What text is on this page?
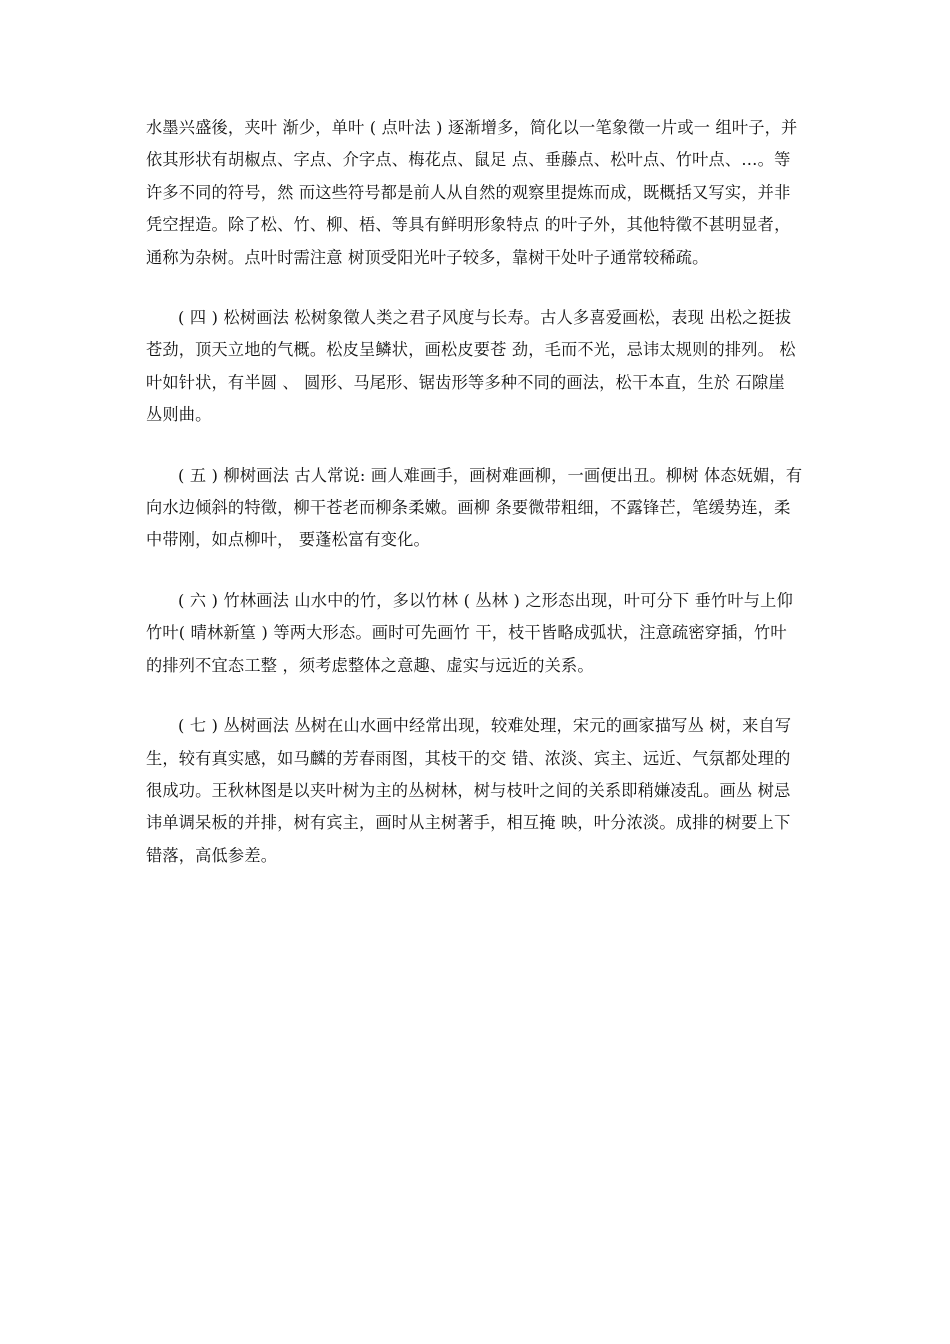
水墨兴盛後，夹叶 渐少，单叶 ( 点叶法 ) 逐渐增多，简化以一笔象徵一片或一 组叶子，并
依其形状有胡椒点、字点、介字点、梅花点、鼠足 点、垂藤点、松叶点、竹叶点、…。等
许多不同的符号，然 而这些符号都是前人从自然的观察里提炼而成，既概括又写实，并非
凭空捏造。除了松、竹、柳、梧、等具有鲜明形象特点 的叶子外，其他特徵不甚明显者，
通称为杂树。点叶时需注意 树顶受阳光叶子较多，靠树干处叶子通常较稀疏。

( 四 ) 松树画法 松树象徵人类之君子风度与长寿。古人多喜爱画松，表现 出松之挺拔
苍劲，顶天立地的气概。松皮呈鳞状，画松皮要苍 劲，毛而不光，忌讳太规则的排列。 松
叶如针状，有半圆 、 圆形、马尾形、锯齿形等多种不同的画法，松干本直，生於 石隙崖
丛则曲。

( 五 ) 柳树画法 古人常说: 画人难画手，画树难画柳，一画便出丑。柳树 体态妩媚，有
向水边倾斜的特徵，柳干苍老而柳条柔嫩。画柳 条要微带粗细，不露锋芒，笔缓势连，柔
中带刚，如点柳叶， 要蓬松富有变化。

( 六 ) 竹林画法 山水中的竹，多以竹林 ( 丛林 ) 之形态出现，叶可分下 垂竹叶与上仰
竹叶( 晴林新篁 ) 等两大形态。画时可先画竹 干，枝干皆略成弧状，注意疏密穿插，竹叶
的排列不宜态工整 ，须考虑整体之意趣、虚实与远近的关系。

( 七 ) 丛树画法 丛树在山水画中经常出现，较难处理，宋元的画家描写丛 树，来自写
生，较有真实感，如马麟的芳春雨图，其枝干的交 错、浓淡、宾主、远近、气氛都处理的
很成功。王秋林图是以夹叶树为主的丛树林，树与枝叶之间的关系即稍嫌凌乱。画丛 树忌
讳单调呆板的并排，树有宾主，画时从主树著手，相互掩 映，叶分浓淡。成排的树要上下
错落，高低参差。
